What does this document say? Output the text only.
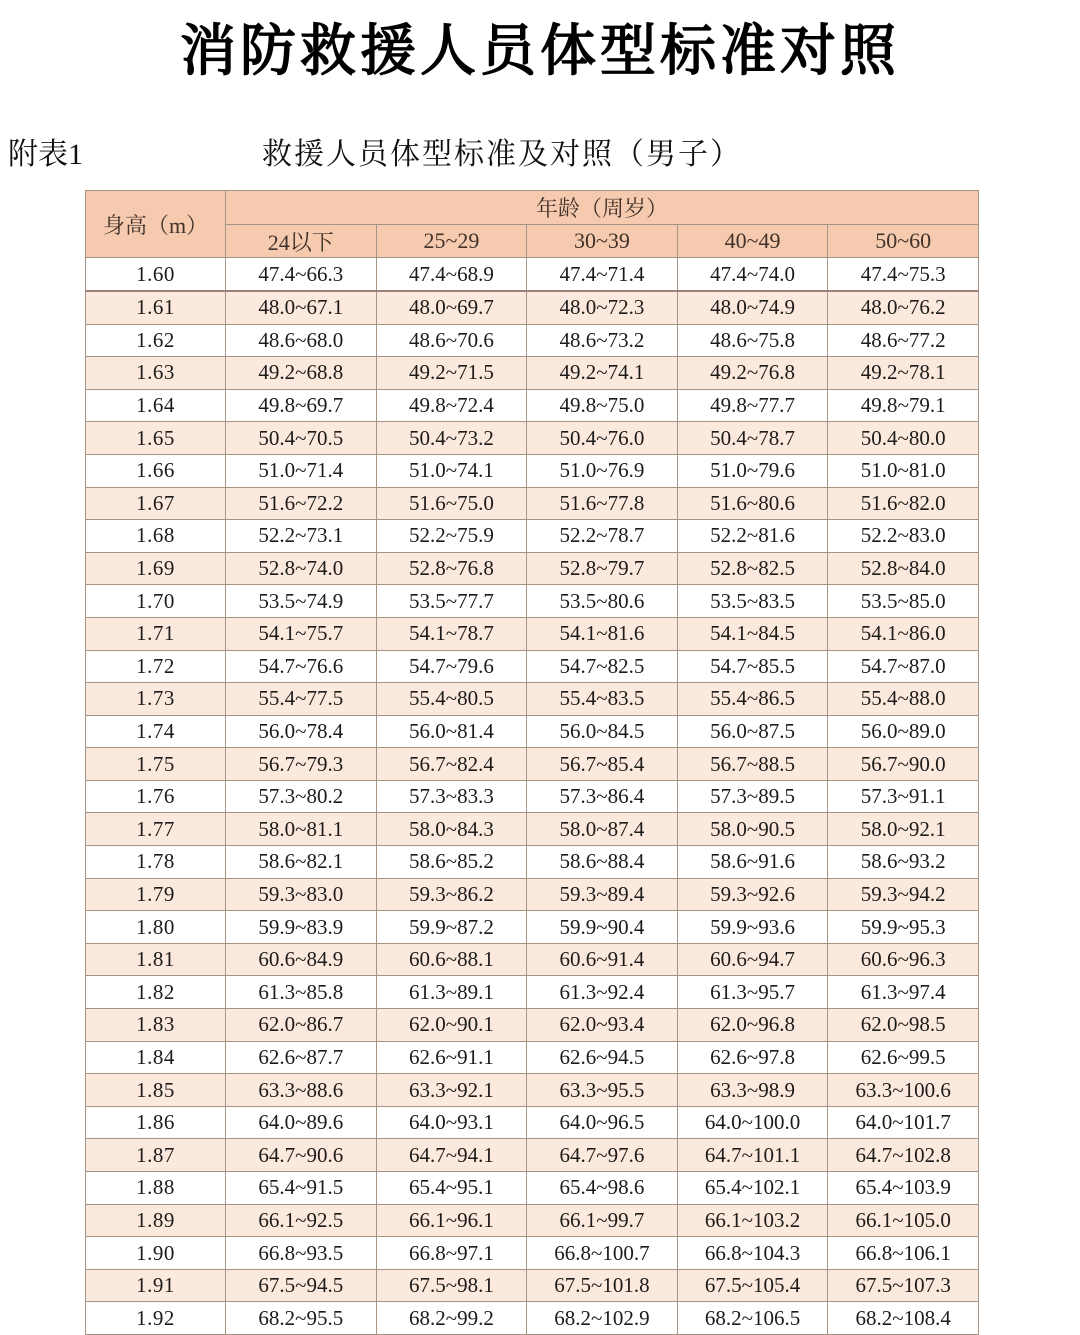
消防救援人员体型标准对照
附表1	救援人员体型标准及对照（男子）
身高（m）	年龄（周岁）				
	24以下	25~29	30~39	40~49	50~60
1.60	47.4~66.3	47.4~68.9	47.4~71.4	47.4~74.0	47.4~75.3
1.61	48.0~67.1	48.0~69.7	48.0~72.3	48.0~74.9	48.0~76.2
1.62	48.6~68.0	48.6~70.6	48.6~73.2	48.6~75.8	48.6~77.2
1.63	49.2~68.8	49.2~71.5	49.2~74.1	49.2~76.8	49.2~78.1
1.64	49.8~69.7	49.8~72.4	49.8~75.0	49.8~77.7	49.8~79.1
1.65	50.4~70.5	50.4~73.2	50.4~76.0	50.4~78.7	50.4~80.0
1.66	51.0~71.4	51.0~74.1	51.0~76.9	51.0~79.6	51.0~81.0
1.67	51.6~72.2	51.6~75.0	51.6~77.8	51.6~80.6	51.6~82.0
1.68	52.2~73.1	52.2~75.9	52.2~78.7	52.2~81.6	52.2~83.0
1.69	52.8~74.0	52.8~76.8	52.8~79.7	52.8~82.5	52.8~84.0
1.70	53.5~74.9	53.5~77.7	53.5~80.6	53.5~83.5	53.5~85.0
1.71	54.1~75.7	54.1~78.7	54.1~81.6	54.1~84.5	54.1~86.0
1.72	54.7~76.6	54.7~79.6	54.7~82.5	54.7~85.5	54.7~87.0
1.73	55.4~77.5	55.4~80.5	55.4~83.5	55.4~86.5	55.4~88.0
1.74	56.0~78.4	56.0~81.4	56.0~84.5	56.0~87.5	56.0~89.0
1.75	56.7~79.3	56.7~82.4	56.7~85.4	56.7~88.5	56.7~90.0
1.76	57.3~80.2	57.3~83.3	57.3~86.4	57.3~89.5	57.3~91.1
1.77	58.0~81.1	58.0~84.3	58.0~87.4	58.0~90.5	58.0~92.1
1.78	58.6~82.1	58.6~85.2	58.6~88.4	58.6~91.6	58.6~93.2
1.79	59.3~83.0	59.3~86.2	59.3~89.4	59.3~92.6	59.3~94.2
1.80	59.9~83.9	59.9~87.2	59.9~90.4	59.9~93.6	59.9~95.3
1.81	60.6~84.9	60.6~88.1	60.6~91.4	60.6~94.7	60.6~96.3
1.82	61.3~85.8	61.3~89.1	61.3~92.4	61.3~95.7	61.3~97.4
1.83	62.0~86.7	62.0~90.1	62.0~93.4	62.0~96.8	62.0~98.5
1.84	62.6~87.7	62.6~91.1	62.6~94.5	62.6~97.8	62.6~99.5
1.85	63.3~88.6	63.3~92.1	63.3~95.5	63.3~98.9	63.3~100.6
1.86	64.0~89.6	64.0~93.1	64.0~96.5	64.0~100.0	64.0~101.7
1.87	64.7~90.6	64.7~94.1	64.7~97.6	64.7~101.1	64.7~102.8
1.88	65.4~91.5	65.4~95.1	65.4~98.6	65.4~102.1	65.4~103.9
1.89	66.1~92.5	66.1~96.1	66.1~99.7	66.1~103.2	66.1~105.0
1.90	66.8~93.5	66.8~97.1	66.8~100.7	66.8~104.3	66.8~106.1
1.91	67.5~94.5	67.5~98.1	67.5~101.8	67.5~105.4	67.5~107.3
1.92	68.2~95.5	68.2~99.2	68.2~102.9	68.2~106.5	68.2~108.4
